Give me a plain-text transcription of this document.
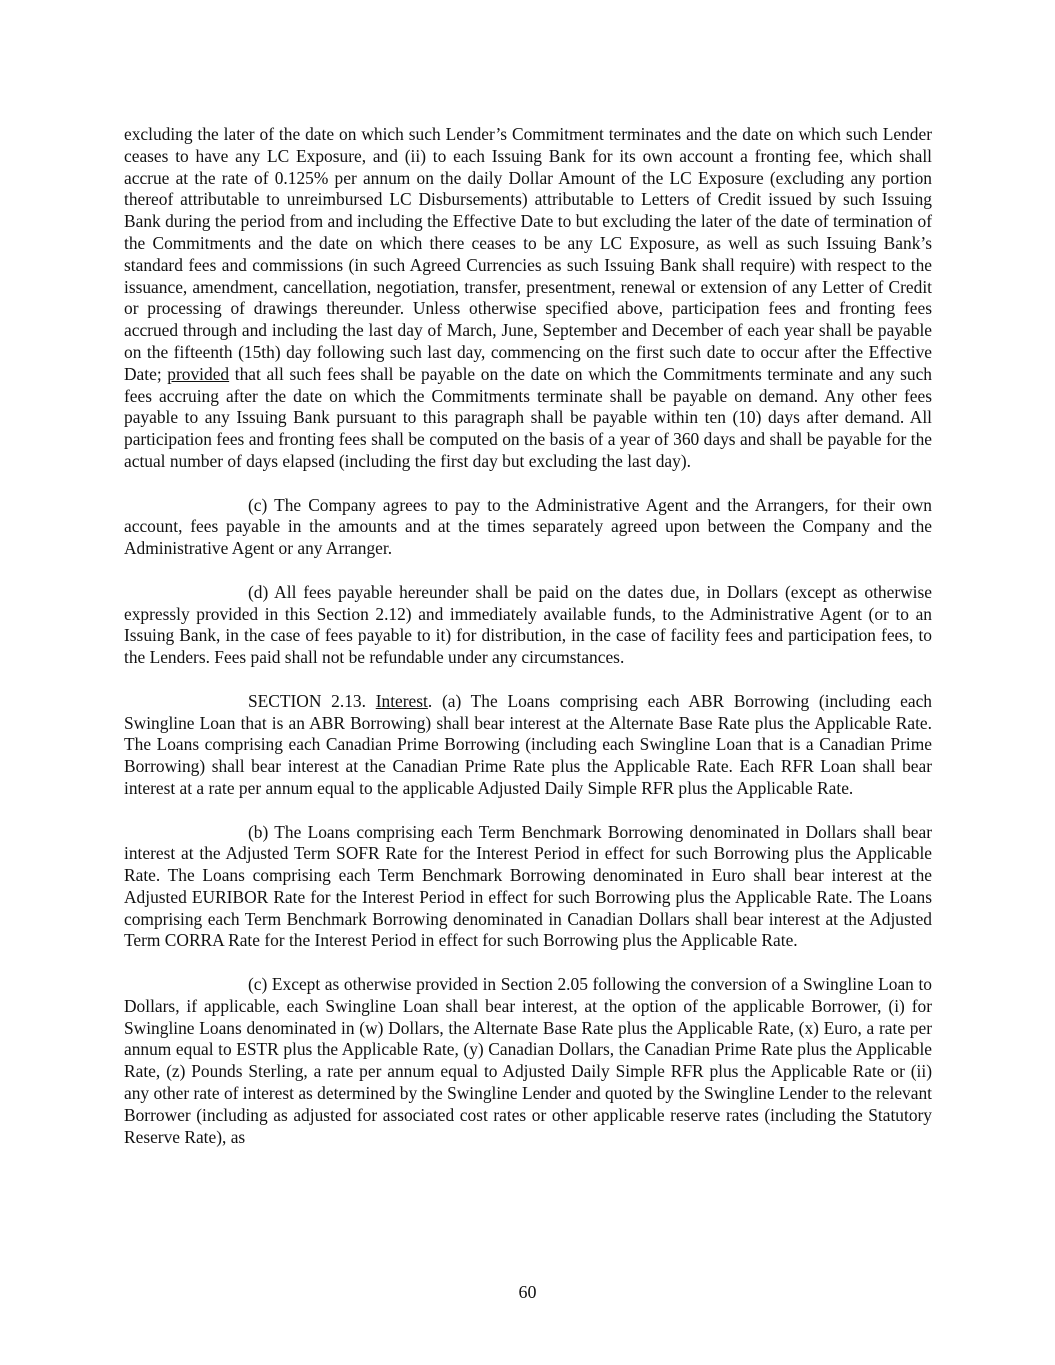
excluding the later of the date on which such Lender’s Commitment terminates and the date on which such Lender ceases to have any LC Exposure, and (ii) to each Issuing Bank for its own account a fronting fee, which shall accrue at the rate of 0.125% per annum on the daily Dollar Amount of the LC Exposure (excluding any portion thereof attributable to unreimbursed LC Disbursements) attributable to Letters of Credit issued by such Issuing Bank during the period from and including the Effective Date to but excluding the later of the date of termination of the Commitments and the date on which there ceases to be any LC Exposure, as well as such Issuing Bank’s standard fees and commissions (in such Agreed Currencies as such Issuing Bank shall require) with respect to the issuance, amendment, cancellation, negotiation, transfer, presentment, renewal or extension of any Letter of Credit or processing of drawings thereunder. Unless otherwise specified above, participation fees and fronting fees accrued through and including the last day of March, June, September and December of each year shall be payable on the fifteenth (15th) day following such last day, commencing on the first such date to occur after the Effective Date; provided that all such fees shall be payable on the date on which the Commitments terminate and any such fees accruing after the date on which the Commitments terminate shall be payable on demand. Any other fees payable to any Issuing Bank pursuant to this paragraph shall be payable within ten (10) days after demand. All participation fees and fronting fees shall be computed on the basis of a year of 360 days and shall be payable for the actual number of days elapsed (including the first day but excluding the last day).

(c) The Company agrees to pay to the Administrative Agent and the Arrangers, for their own account, fees payable in the amounts and at the times separately agreed upon between the Company and the Administrative Agent or any Arranger.

(d) All fees payable hereunder shall be paid on the dates due, in Dollars (except as otherwise expressly provided in this Section 2.12) and immediately available funds, to the Administrative Agent (or to an Issuing Bank, in the case of fees payable to it) for distribution, in the case of facility fees and participation fees, to the Lenders. Fees paid shall not be refundable under any circumstances.

SECTION 2.13. Interest. (a) The Loans comprising each ABR Borrowing (including each Swingline Loan that is an ABR Borrowing) shall bear interest at the Alternate Base Rate plus the Applicable Rate. The Loans comprising each Canadian Prime Borrowing (including each Swingline Loan that is a Canadian Prime Borrowing) shall bear interest at the Canadian Prime Rate plus the Applicable Rate. Each RFR Loan shall bear interest at a rate per annum equal to the applicable Adjusted Daily Simple RFR plus the Applicable Rate.

(b) The Loans comprising each Term Benchmark Borrowing denominated in Dollars shall bear interest at the Adjusted Term SOFR Rate for the Interest Period in effect for such Borrowing plus the Applicable Rate. The Loans comprising each Term Benchmark Borrowing denominated in Euro shall bear interest at the Adjusted EURIBOR Rate for the Interest Period in effect for such Borrowing plus the Applicable Rate. The Loans comprising each Term Benchmark Borrowing denominated in Canadian Dollars shall bear interest at the Adjusted Term CORRA Rate for the Interest Period in effect for such Borrowing plus the Applicable Rate.

(c) Except as otherwise provided in Section 2.05 following the conversion of a Swingline Loan to Dollars, if applicable, each Swingline Loan shall bear interest, at the option of the applicable Borrower, (i) for Swingline Loans denominated in (w) Dollars, the Alternate Base Rate plus the Applicable Rate, (x) Euro, a rate per annum equal to ESTR plus the Applicable Rate, (y) Canadian Dollars, the Canadian Prime Rate plus the Applicable Rate, (z) Pounds Sterling, a rate per annum equal to Adjusted Daily Simple RFR plus the Applicable Rate or (ii) any other rate of interest as determined by the Swingline Lender and quoted by the Swingline Lender to the relevant Borrower (including as adjusted for associated cost rates or other applicable reserve rates (including the Statutory Reserve Rate), as

60
